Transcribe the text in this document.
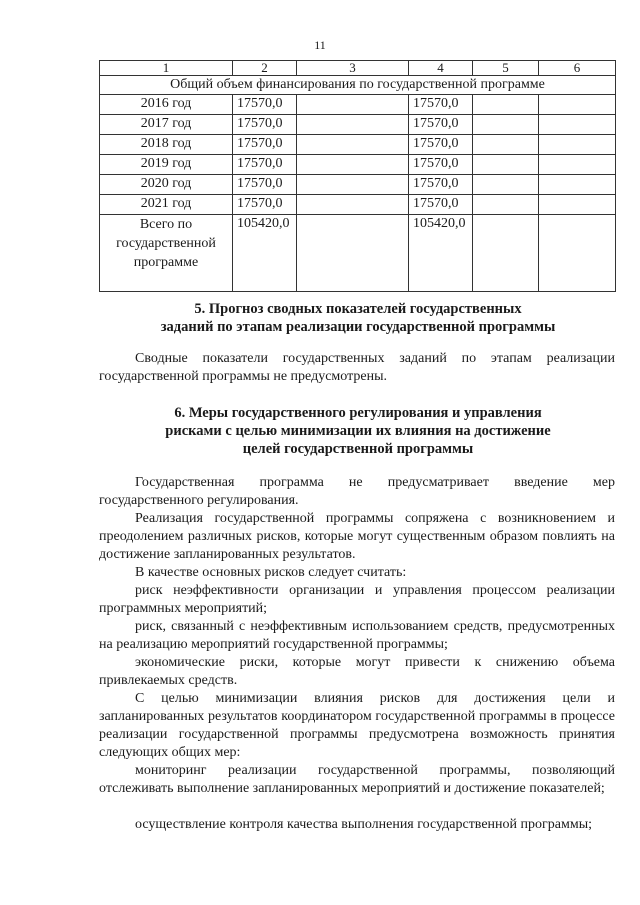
11
1	2	3	4	5	6
Общий объем финансирования по государственной программе					
2016 год	17570,0		17570,0		
2017 год	17570,0		17570,0		
2018 год	17570,0		17570,0		
2019 год	17570,0		17570,0		
2020 год	17570,0		17570,0		
2021 год	17570,0		17570,0		
Всего по государственной программе	105420,0		105420,0		
5. Прогноз сводных показателей государственных
заданий по этапам реализации государственной программы
Сводные показатели государственных заданий по этапам реализации государственной программы не предусмотрены.
6. Меры государственного регулирования и управления
рисками с целью минимизации их влияния на достижение
целей государственной программы
Государственная программа не предусматривает введение мер государственного регулирования.
Реализация государственной программы сопряжена с возникновением и преодолением различных рисков, которые могут существенным образом повлиять на достижение запланированных результатов.
В качестве основных рисков следует считать:
риск неэффективности организации и управления процессом реализации программных мероприятий;
риск, связанный с неэффективным использованием средств, предусмотренных на реализацию мероприятий государственной программы;
экономические риски, которые могут привести к снижению объема привлекаемых средств.
С целью минимизации влияния рисков для достижения цели и запланированных результатов координатором государственной программы в процессе реализации государственной программы предусмотрена возможность принятия следующих общих мер:
мониторинг реализации государственной программы, позволяющий отслеживать выполнение запланированных мероприятий и достижение показателей;
осуществление контроля качества выполнения государственной программы;
